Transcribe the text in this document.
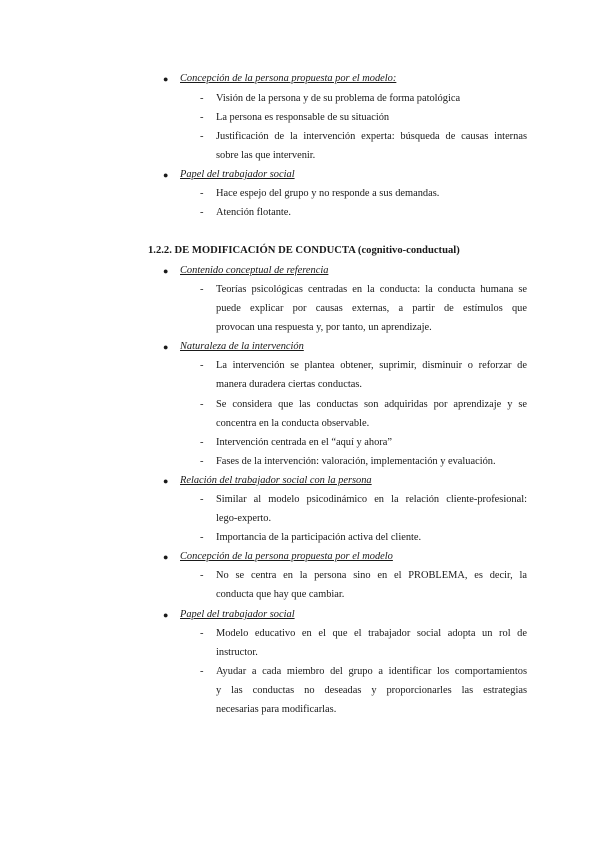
●	Concepción de la persona propuesta por el modelo:
- Visión de la persona y de su problema de forma patológica
- La persona es responsable de su situación
- Justificación de la intervención experta: búsqueda de causas internas
sobre las que intervenir.
●	Papel del trabajador social
- Hace espejo del grupo y no responde a sus demandas.
- Atención flotante.
1.2.2. DE MODIFICACIÓN DE CONDUCTA (cognitivo-conductual)
●	Contenido conceptual de referencia
- Teorías psicológicas centradas en la conducta: la conducta humana se
puede explicar por causas externas, a partir de estímulos que
provocan una respuesta y, por tanto, un aprendizaje.
●	Naturaleza de la intervención
- La intervención se plantea obtener, suprimir, disminuir o reforzar de
manera duradera ciertas conductas.
- Se considera que las conductas son adquiridas por aprendizaje y se
concentra en la conducta observable.
- Intervención centrada en el “aquí y ahora”
- Fases de la intervención: valoración, implementación y evaluación.
●	Relación del trabajador social con la persona
- Similar al modelo psicodinámico en la relación cliente-profesional:
lego-experto.
- Importancia de la participación activa del cliente.
●	Concepción de la persona propuesta por el modelo
- No se centra en la persona sino en el PROBLEMA, es decir, la
conducta que hay que cambiar.
●	Papel del trabajador social
- Modelo educativo en el que el trabajador social adopta un rol de
instructor.
- Ayudar a cada miembro del grupo a identificar los comportamientos
y las conductas no deseadas y proporcionarles las estrategias
necesarias para modificarlas.
